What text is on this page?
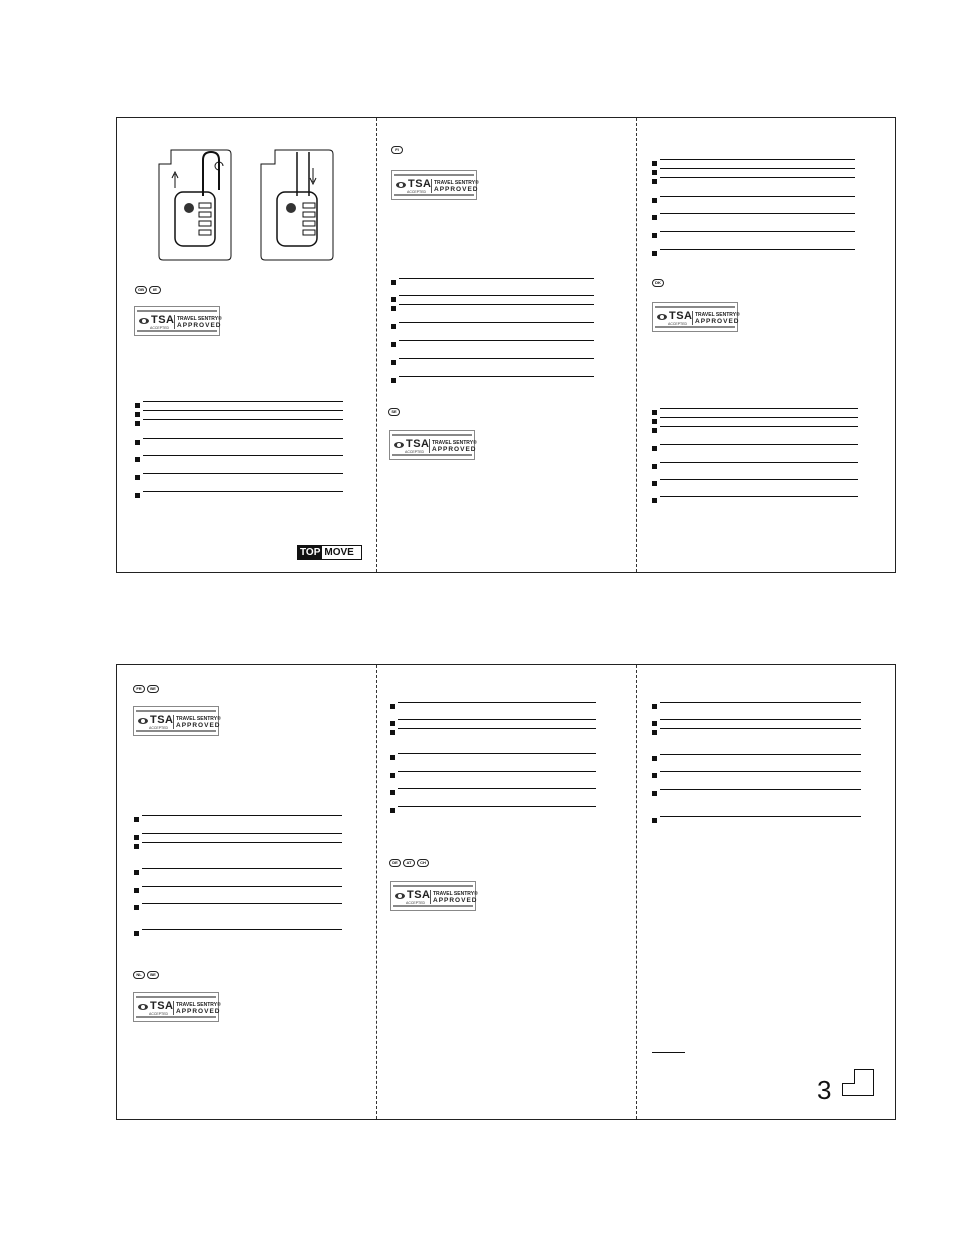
GB	IE
TSA
ACCEPTED
TRAVEL SENTRY®
APPROVED
TOP MOVE
FI
TSA
ACCEPTED
TRAVEL SENTRY®
APPROVED
SE
TSA
ACCEPTED
TRAVEL SENTRY®
APPROVED
DK
TSA
ACCEPTED
TRAVEL SENTRY®
APPROVED
FR	BE
TSA
ACCEPTED
TRAVEL SENTRY®
APPROVED
NL	BE
TSA
ACCEPTED
TRAVEL SENTRY®
APPROVED
DE	AT	CH
TSA
ACCEPTED
TRAVEL SENTRY®
APPROVED
3
